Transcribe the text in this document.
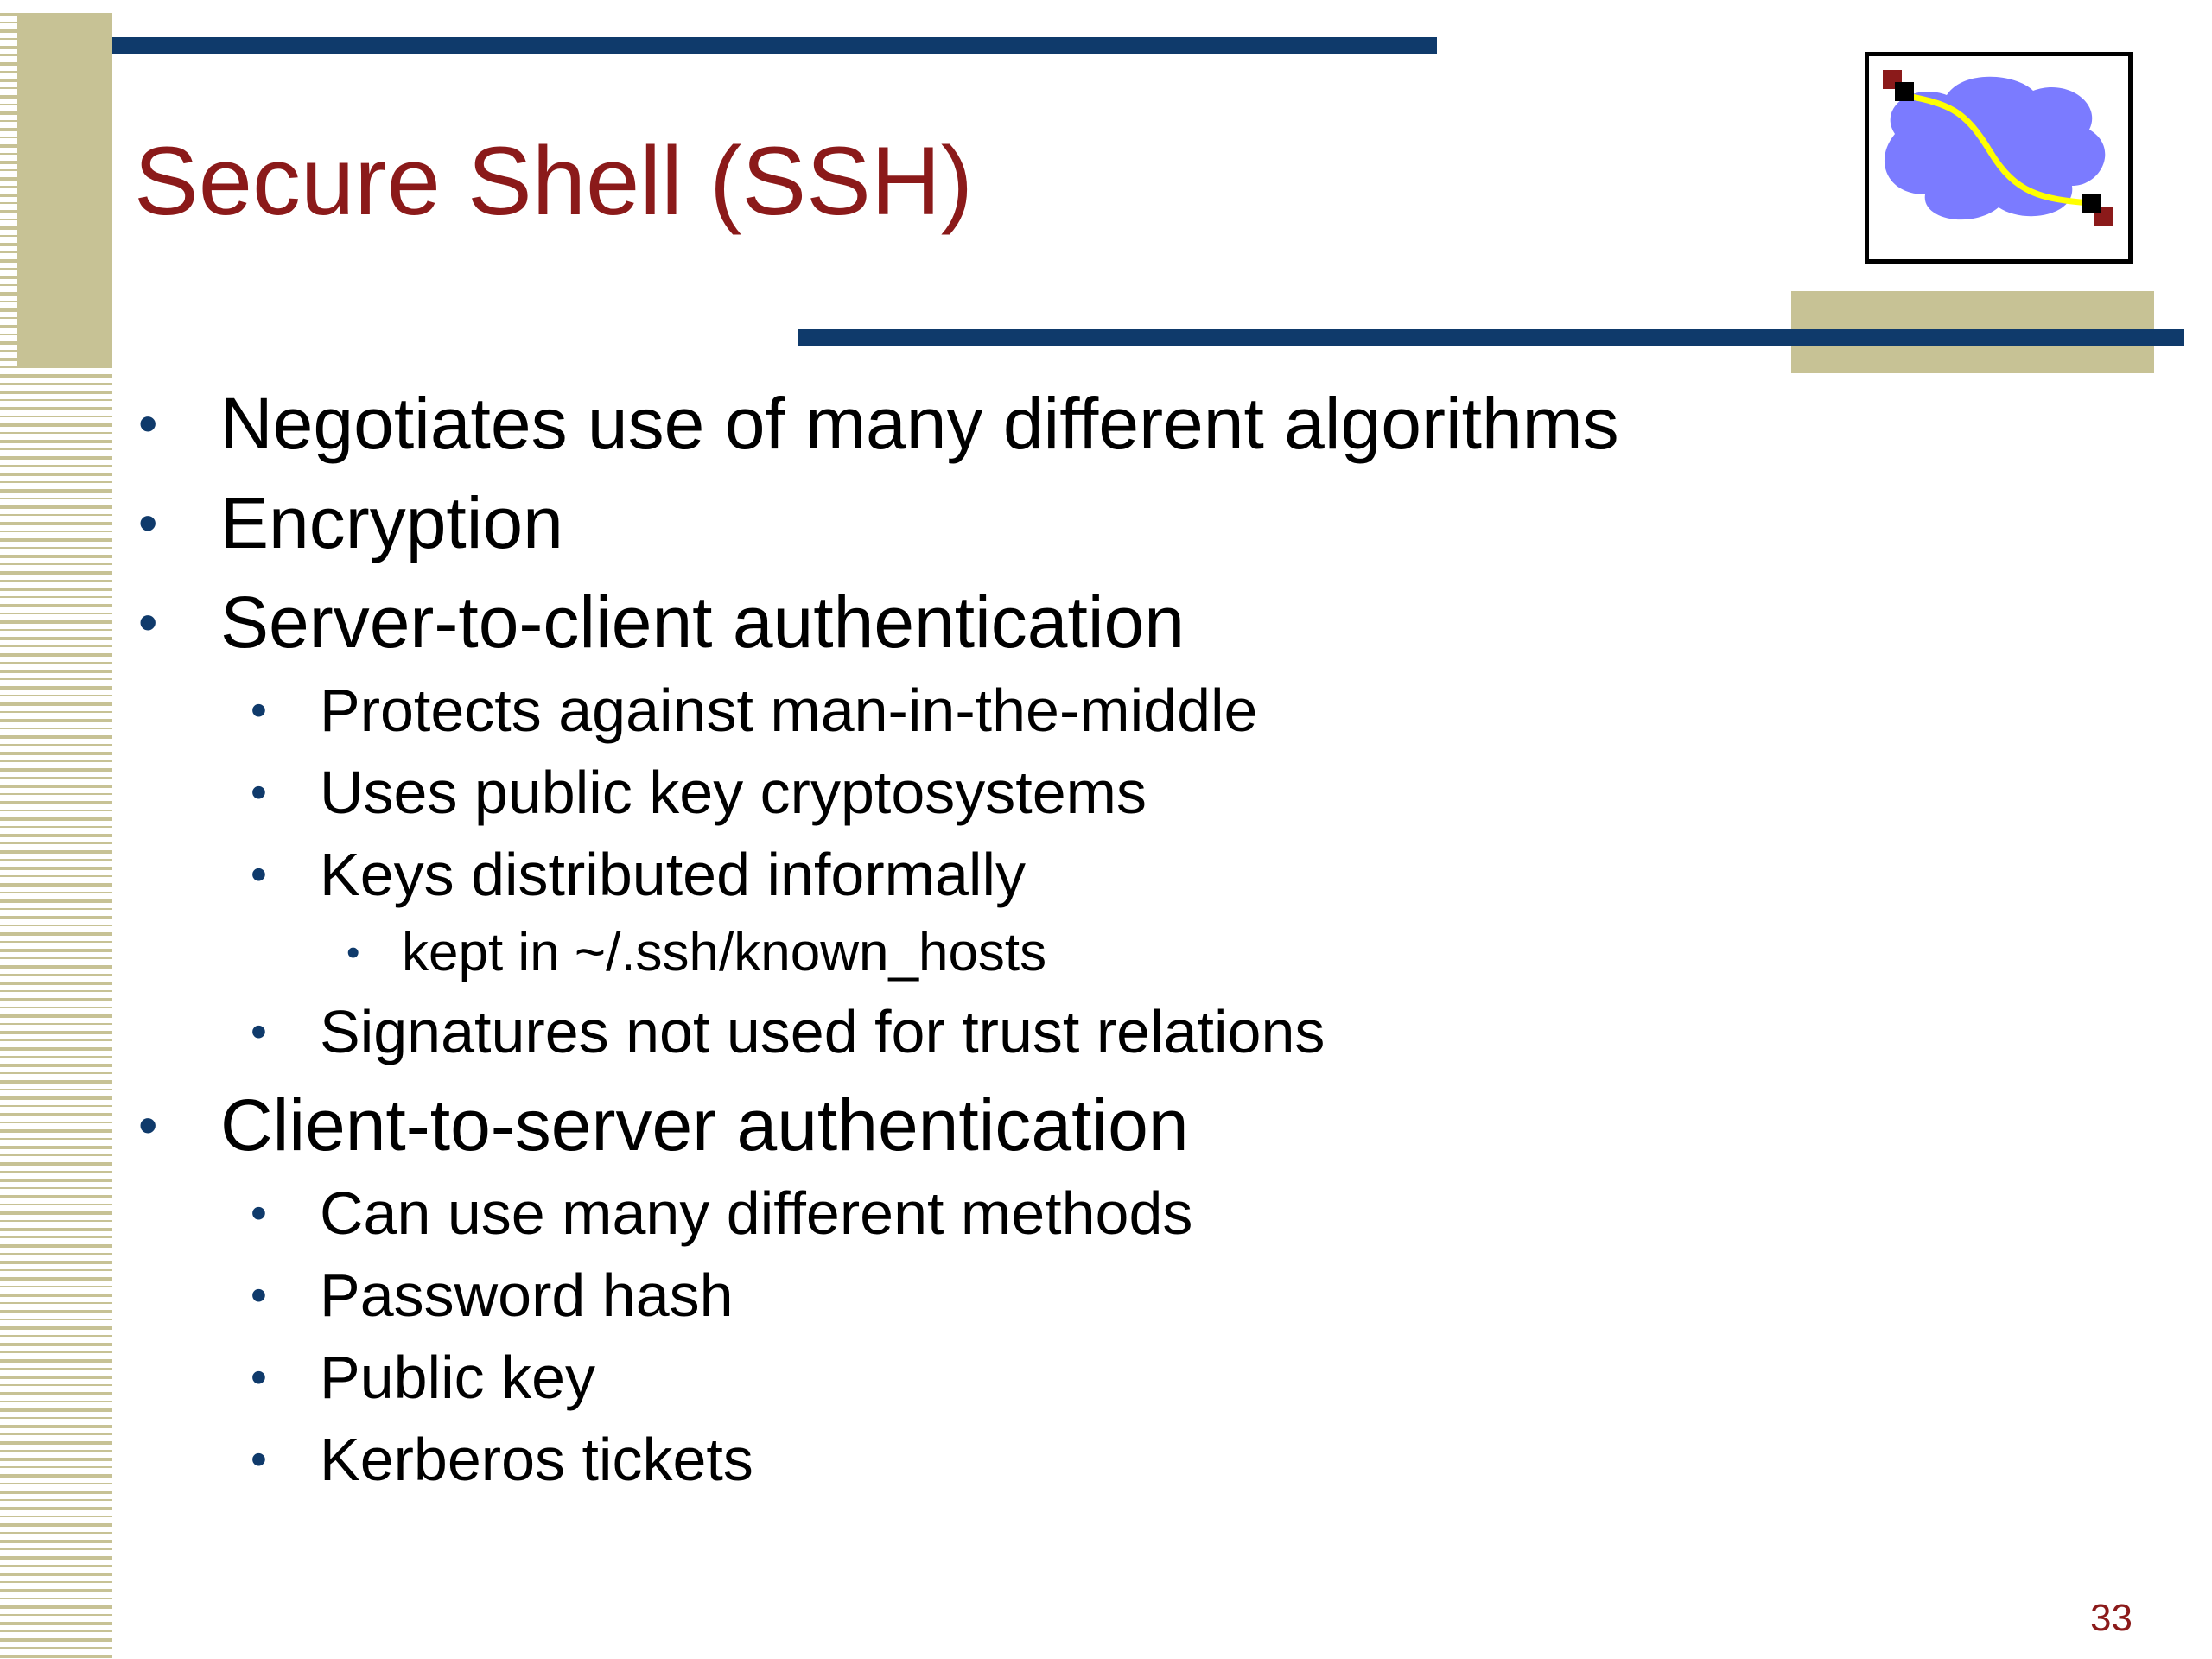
Secure Shell (SSH)
• Negotiates use of many different algorithms
• Encryption
• Server-to-client authentication
• Protects against man-in-the-middle
• Uses public key cryptosystems
• Keys distributed informally
• kept in ~/.ssh/known_hosts
• Signatures not used for trust relations
• Client-to-server authentication
• Can use many different methods
• Password hash
• Public key
• Kerberos tickets
33
